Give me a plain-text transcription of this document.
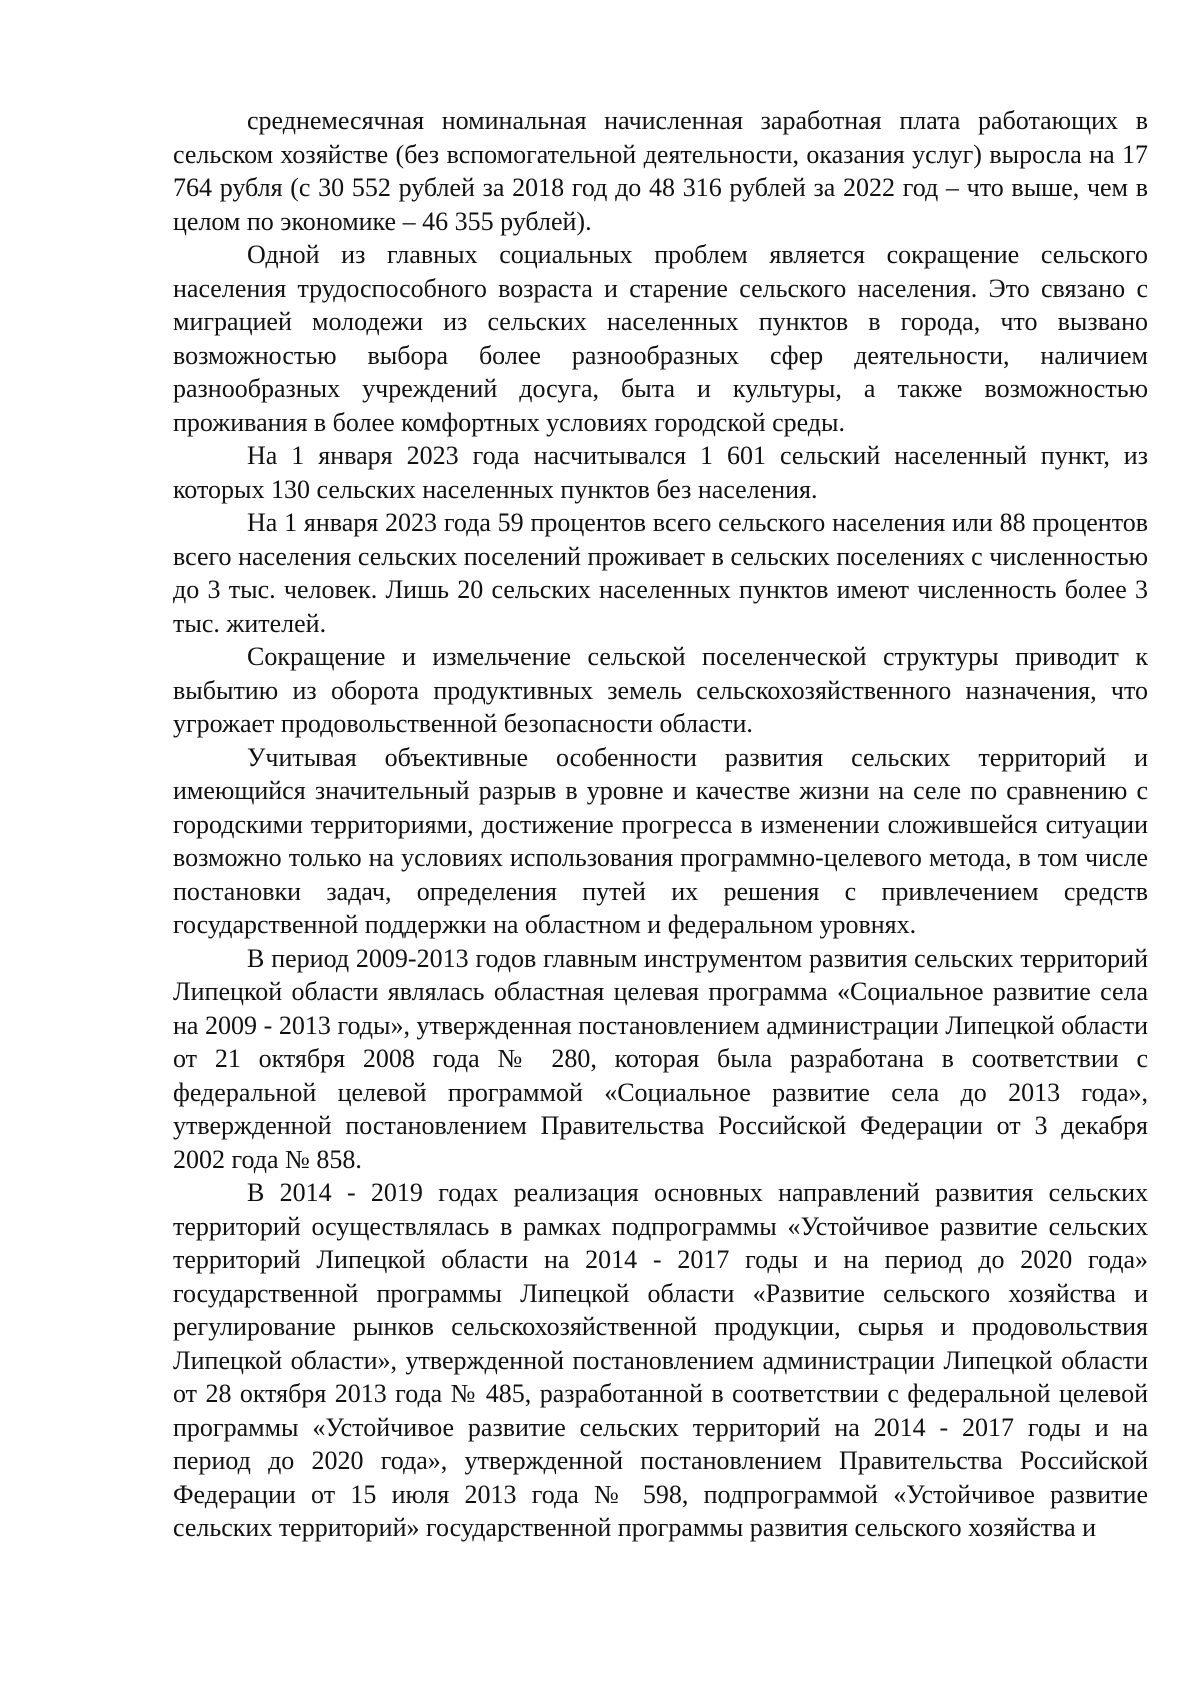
среднемесячная номинальная начисленная заработная плата работающих в сельском хозяйстве (без вспомогательной деятельности, оказания услуг) выросла на 17 764 рубля (с 30 552 рублей за 2018 год до 48 316 рублей за 2022 год – что выше, чем в целом по экономике – 46 355 рублей).

Одной из главных социальных проблем является сокращение сельского населения трудоспособного возраста и старение сельского населения. Это связано с миграцией молодежи из сельских населенных пунктов в города, что вызвано возможностью выбора более разнообразных сфер деятельности, наличием разнообразных учреждений досуга, быта и культуры, а также возможностью проживания в более комфортных условиях городской среды.

На 1 января 2023 года насчитывался 1 601 сельский населенный пункт, из которых 130 сельских населенных пунктов без населения.

На 1 января 2023 года 59 процентов всего сельского населения или 88 процентов всего населения сельских поселений проживает в сельских поселениях с численностью до 3 тыс. человек. Лишь 20 сельских населенных пунктов имеют численность более 3 тыс. жителей.

Сокращение и измельчение сельской поселенческой структуры приводит к выбытию из оборота продуктивных земель сельскохозяйственного назначения, что угрожает продовольственной безопасности области.

Учитывая объективные особенности развития сельских территорий и имеющийся значительный разрыв в уровне и качестве жизни на селе по сравнению с городскими территориями, достижение прогресса в изменении сложившейся ситуации возможно только на условиях использования программно-целевого метода, в том числе постановки задач, определения путей их решения с привлечением средств государственной поддержки на областном и федеральном уровнях.

В период 2009-2013 годов главным инструментом развития сельских территорий Липецкой области являлась областная целевая программа «Социальное развитие села на 2009 - 2013 годы», утвержденная постановлением администрации Липецкой области от 21 октября 2008 года № 280, которая была разработана в соответствии с федеральной целевой программой «Социальное развитие села до 2013 года», утвержденной постановлением Правительства Российской Федерации от 3 декабря 2002 года № 858.

В 2014 - 2019 годах реализация основных направлений развития сельских территорий осуществлялась в рамках подпрограммы «Устойчивое развитие сельских территорий Липецкой области на 2014 - 2017 годы и на период до 2020 года» государственной программы Липецкой области «Развитие сельского хозяйства и регулирование рынков сельскохозяйственной продукции, сырья и продовольствия Липецкой области», утвержденной постановлением администрации Липецкой области от 28 октября 2013 года № 485, разработанной в соответствии с федеральной целевой программы «Устойчивое развитие сельских территорий на 2014 - 2017 годы и на период до 2020 года», утвержденной постановлением Правительства Российской Федерации от 15 июля 2013 года № 598, подпрограммой «Устойчивое развитие сельских территорий» государственной программы развития сельского хозяйства и
